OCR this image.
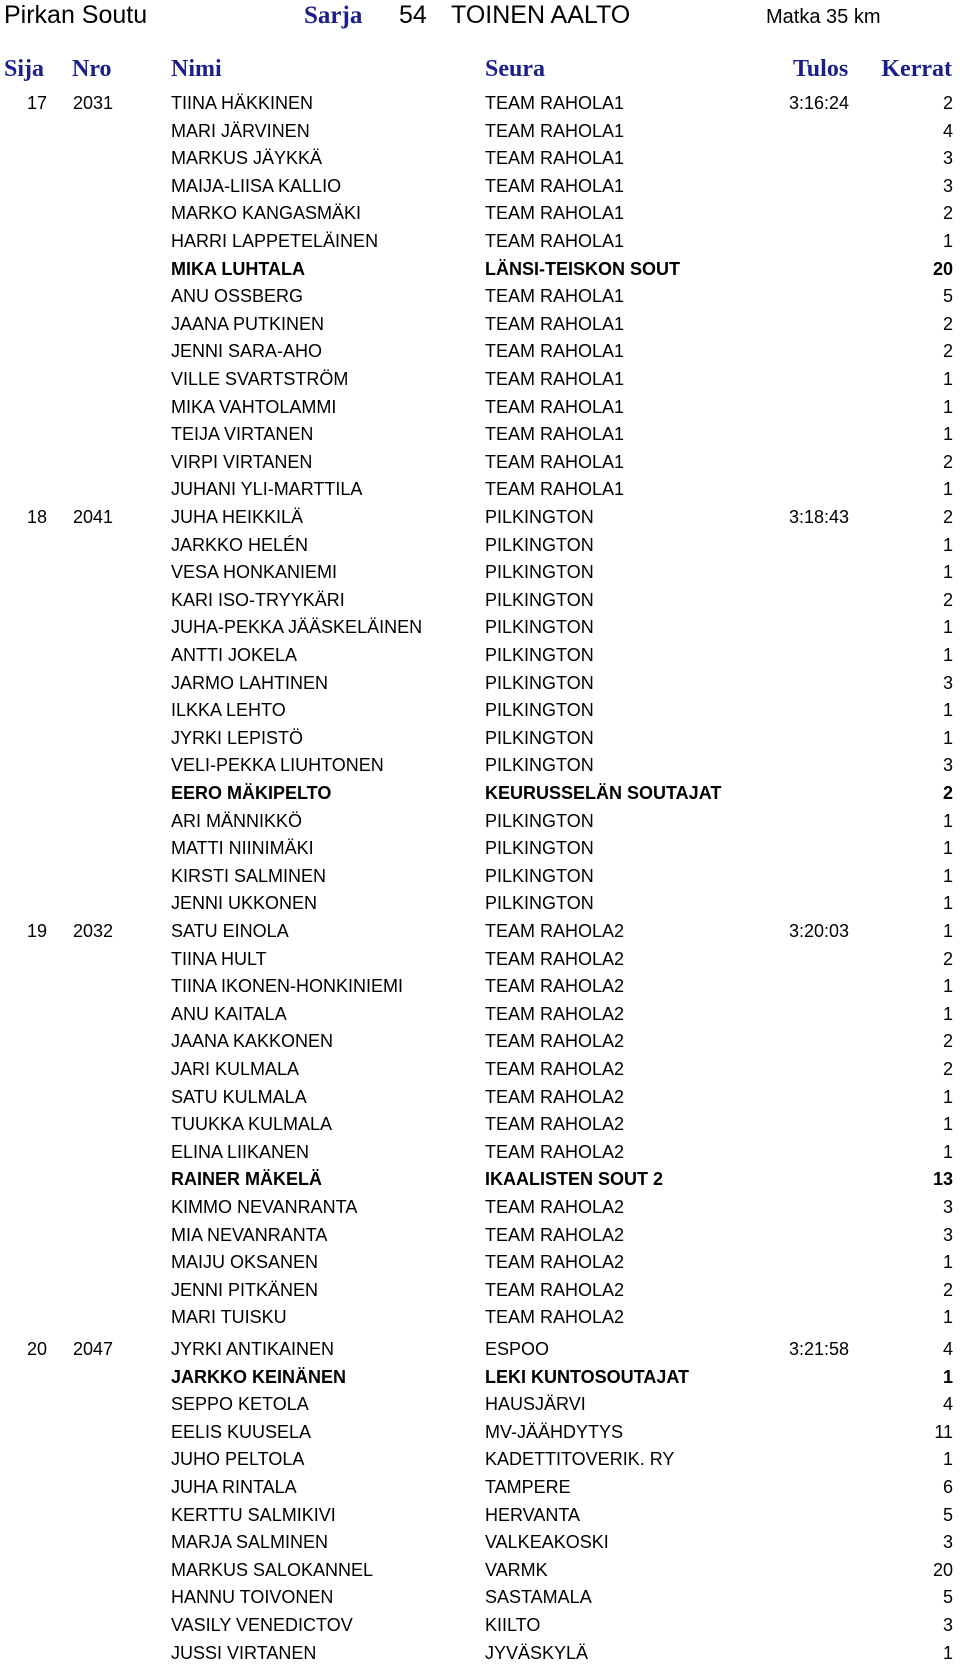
Pirkan Soutu	Sarja 54 TOINEN AALTO	Matka 35 km
Sija Nro Nimi	Seura	Tulos Kerrat
17 2031	TIINA HÄKKINEN	TEAM RAHOLA1	3:16:24	2
MARI JÄRVINEN	TEAM RAHOLA1	4
MARKUS JÄYKKÄ	TEAM RAHOLA1	3
MAIJA-LIISA KALLIO	TEAM RAHOLA1	3
MARKO KANGASMÄKI	TEAM RAHOLA1	2
HARRI LAPPETELÄINEN	TEAM RAHOLA1	1
MIKA LUHTALA	LÄNSI-TEISKON SOUT	20
ANU OSSBERG	TEAM RAHOLA1	5
JAANA PUTKINEN	TEAM RAHOLA1	2
JENNI SARA-AHO	TEAM RAHOLA1	2
VILLE SVARTSTRÖM	TEAM RAHOLA1	1
MIKA VAHTOLAMMI	TEAM RAHOLA1	1
TEIJA VIRTANEN	TEAM RAHOLA1	1
VIRPI VIRTANEN	TEAM RAHOLA1	2
JUHANI YLI-MARTTILA	TEAM RAHOLA1	1
18 2041	JUHA HEIKKILÄ	PILKINGTON	3:18:43	2
JARKKO HELÉN	PILKINGTON	1
VESA HONKANIEMI	PILKINGTON	1
KARI ISO-TRYYKÄRI	PILKINGTON	2
JUHA-PEKKA JÄÄSKELÄINEN	PILKINGTON	1
ANTTI JOKELA	PILKINGTON	1
JARMO LAHTINEN	PILKINGTON	3
ILKKA LEHTO	PILKINGTON	1
JYRKI LEPISTÖ	PILKINGTON	1
VELI-PEKKA LIUHTONEN	PILKINGTON	3
EERO MÄKIPELTO	KEURUSSELÄN SOUTAJAT	2
ARI MÄNNIKKÖ	PILKINGTON	1
MATTI NIINIMÄKI	PILKINGTON	1
KIRSTI SALMINEN	PILKINGTON	1
JENNI UKKONEN	PILKINGTON	1
19 2032	SATU EINOLA	TEAM RAHOLA2	3:20:03	1
TIINA HULT	TEAM RAHOLA2	2
TIINA IKONEN-HONKINIEMI	TEAM RAHOLA2	1
ANU KAITALA	TEAM RAHOLA2	1
JAANA KAKKONEN	TEAM RAHOLA2	2
JARI KULMALA	TEAM RAHOLA2	2
SATU KULMALA	TEAM RAHOLA2	1
TUUKKA KULMALA	TEAM RAHOLA2	1
ELINA LIIKANEN	TEAM RAHOLA2	1
RAINER MÄKELÄ	IKAALISTEN SOUT 2	13
KIMMO NEVANRANTA	TEAM RAHOLA2	3
MIA NEVANRANTA	TEAM RAHOLA2	3
MAIJU OKSANEN	TEAM RAHOLA2	1
JENNI PITKÄNEN	TEAM RAHOLA2	2
MARI TUISKU	TEAM RAHOLA2	1
20 2047	JYRKI ANTIKAINEN	ESPOO	3:21:58	4
JARKKO KEINÄNEN	LEKI KUNTOSOUTAJAT	1
SEPPO KETOLA	HAUSJÄRVI	4
EELIS KUUSELA	MV-JÄÄHDYTYS	11
JUHO PELTOLA	KADETTITOVERIK. RY	1
JUHA RINTALA	TAMPERE	6
KERTTU SALMIKIVI	HERVANTA	5
MARJA SALMINEN	VALKEAKOSKI	3
MARKUS SALOKANNEL	VARMK	20
HANNU TOIVONEN	SASTAMALA	5
VASILY VENEDICTOV	KIILTO	3
JUSSI VIRTANEN	JYVÄSKYLÄ	1
